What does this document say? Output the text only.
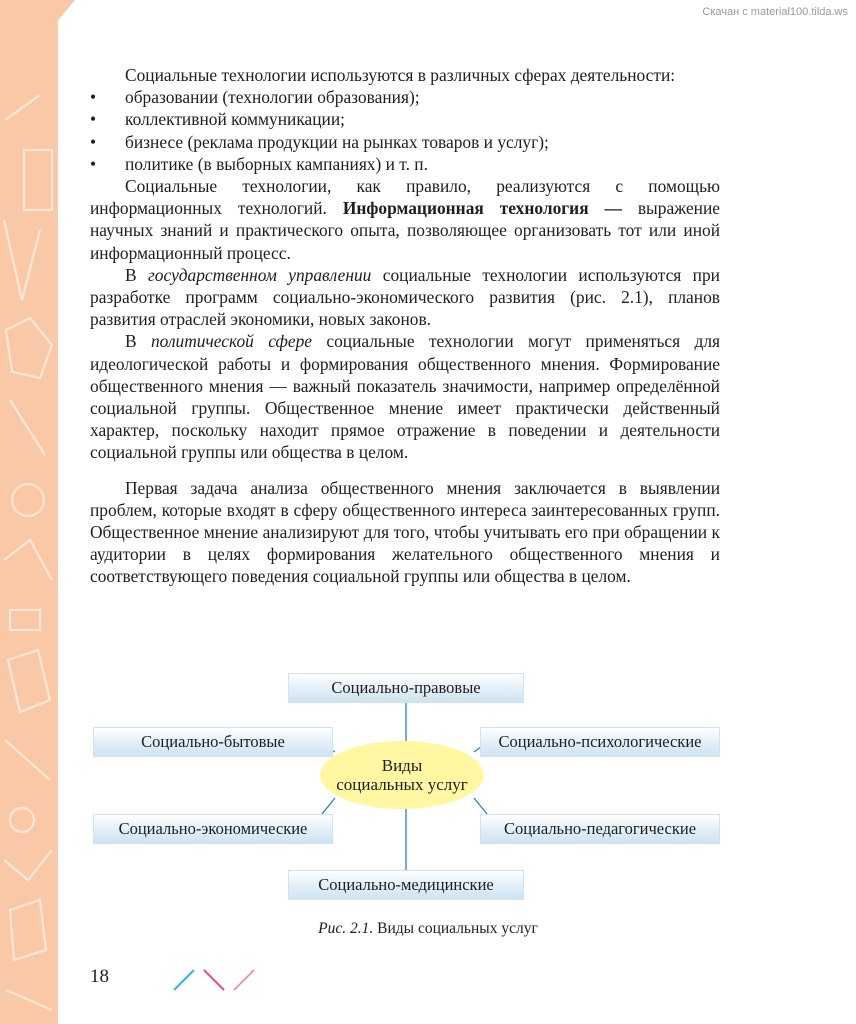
Скачан с material100.tilda.ws

Социальные технологии используются в различных сферах деятельности:

• образовании (технологии образования);
• коллективной коммуникации;
• бизнесе (реклама продукции на рынках товаров и услуг);
• политике (в выборных кампаниях) и т. п.

Социальные технологии, как правило, реализуются с помощью информационных технологий. Информационная технология — выражение научных знаний и практического опыта, позволяющее организовать тот или иной информационный процесс.

В государственном управлении социальные технологии используются при разработке программ социально-экономического развития (рис. 2.1), планов развития отраслей экономики, новых законов.

В политической сфере социальные технологии могут применяться для идеологической работы и формирования общественного мнения. Формирование общественного мнения — важный показатель значимости, например определённой социальной группы. Общественное мнение имеет практически действенный характер, поскольку находит прямое отражение в поведении и деятельности социальной группы или общества в целом.

Первая задача анализа общественного мнения заключается в выявлении проблем, которые входят в сферу общественного интереса заинтересованных групп. Общественное мнение анализируют для того, чтобы учитывать его при обращении к аудитории в целях формирования желательного общественного мнения и соответствующего поведения социальной группы или общества в целом.

Социально-правовые
Социально-бытовые	Социально-психологические
Социально-экономические	Социально-педагогические
Социально-медицинские
Виды
социальных услуг
Рис. 2.1. Виды социальных услуг
18
